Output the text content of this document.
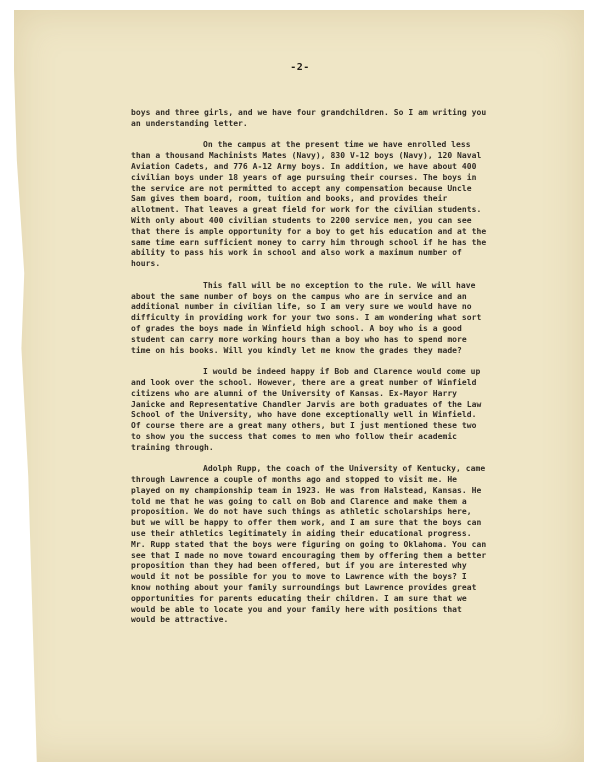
-2-

boys and three girls, and we have four grandchildren. So I am writing you an understanding letter.

On the campus at the present time we have enrolled less than a thousand Machinists Mates (Navy), 830 V-12 boys (Navy), 120 Naval Aviation Cadets, and 776 A-12 Army boys. In addition, we have about 400 civilian boys under 18 years of age pursuing their courses. The boys in the service are not permitted to accept any compensation because Uncle Sam gives them board, room, tuition and books, and provides their allotment. That leaves a great field for work for the civilian students. With only about 400 civilian students to 2200 service men, you can see that there is ample opportunity for a boy to get his education and at the same time earn sufficient money to carry him through school if he has the ability to pass his work in school and also work a maximum number of hours.

This fall will be no exception to the rule. We will have about the same number of boys on the campus who are in service and an additional number in civilian life, so I am very sure we would have no difficulty in providing work for your two sons. I am wondering what sort of grades the boys made in Winfield high school. A boy who is a good student can carry more working hours than a boy who has to spend more time on his books. Will you kindly let me know the grades they made?

I would be indeed happy if Bob and Clarence would come up and look over the school. However, there are a great number of Winfield citizens who are alumni of the University of Kansas. Ex-Mayor Harry Janicke and Representative Chandler Jarvis are both graduates of the Law School of the University, who have done exceptionally well in Winfield. Of course there are a great many others, but I just mentioned these two to show you the success that comes to men who follow their academic training through.

Adolph Rupp, the coach of the University of Kentucky, came through Lawrence a couple of months ago and stopped to visit me. He played on my championship team in 1923. He was from Halstead, Kansas. He told me that he was going to call on Bob and Clarence and make them a proposition. We do not have such things as athletic scholarships here, but we will be happy to offer them work, and I am sure that the boys can use their athletics legitimately in aiding their educational progress. Mr. Rupp stated that the boys were figuring on going to Oklahoma. You can see that I made no move toward encouraging them by offering them a better proposition than they had been offered, but if you are interested why would it not be possible for you to move to Lawrence with the boys? I know nothing about your family surroundings but Lawrence provides great opportunities for parents educating their children. I am sure that we would be able to locate you and your family here with positions that would be attractive.
